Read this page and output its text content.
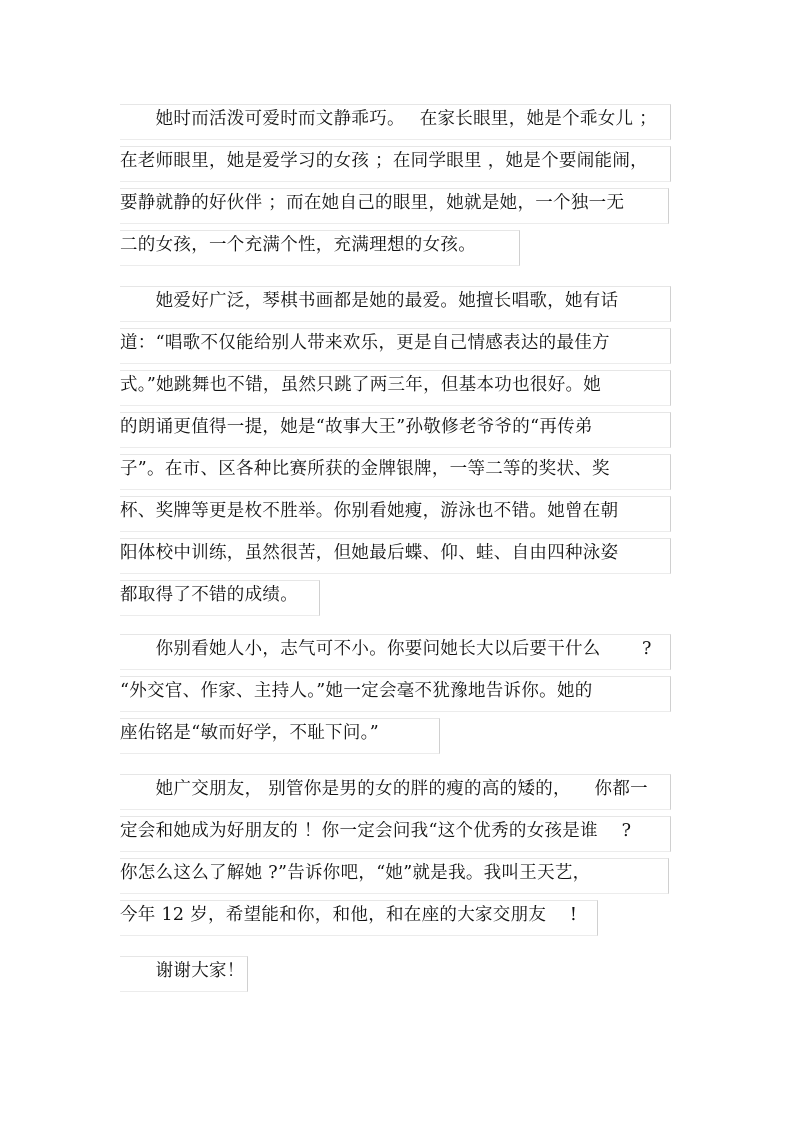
　　她时而活泼可爱时而文静乖巧。　 在家长眼里，她是个乖女儿 ；
在老师眼里，她是爱学习的女孩 ；在同学眼里 ，她是个要闹能闹，
要静就静的好伙伴 ；而在她自己的眼里，她就是她，一个独一无
二的女孩，一个充满个性，充满理想的女孩。
　　她爱好广泛，琴棋书画都是她的最爱。她擅长唱歌，她有话
道：“唱歌不仅能给别人带来欢乐，更是自己情感表达的最佳方
式。”她跳舞也不错，虽然只跳了两三年，但基本功也很好。她
的朗诵更值得一提，她是“故事大王”孙敬修老爷爷的“再传弟
子”。在市、区各种比赛所获的金牌银牌，一等二等的奖状、奖
杯、奖牌等更是枚不胜举。你别看她瘦，游泳也不错。她曾在朝
阳体校中训练，虽然很苦，但她最后蝶、仰、蛙、自由四种泳姿
都取得了不错的成绩。
　　你别看她人小，志气可不小。你要问她长大以后要干什么 　　?
“外交官、作家、主持人。”她一定会毫不犹豫地告诉你。她的
座佑铭是“敏而好学，不耻下问。”
　　她广交朋友， 别管你是男的女的胖的瘦的高的矮的， 　你都一
定会和她成为好朋友的 ！你一定会问我“这个优秀的女孩是谁 　?
你怎么这么了解她 ?”告诉你吧，“她”就是我。我叫王天艺，
今年 12 岁，希望能和你，和他，和在座的大家交朋友 　!
　　谢谢大家！
